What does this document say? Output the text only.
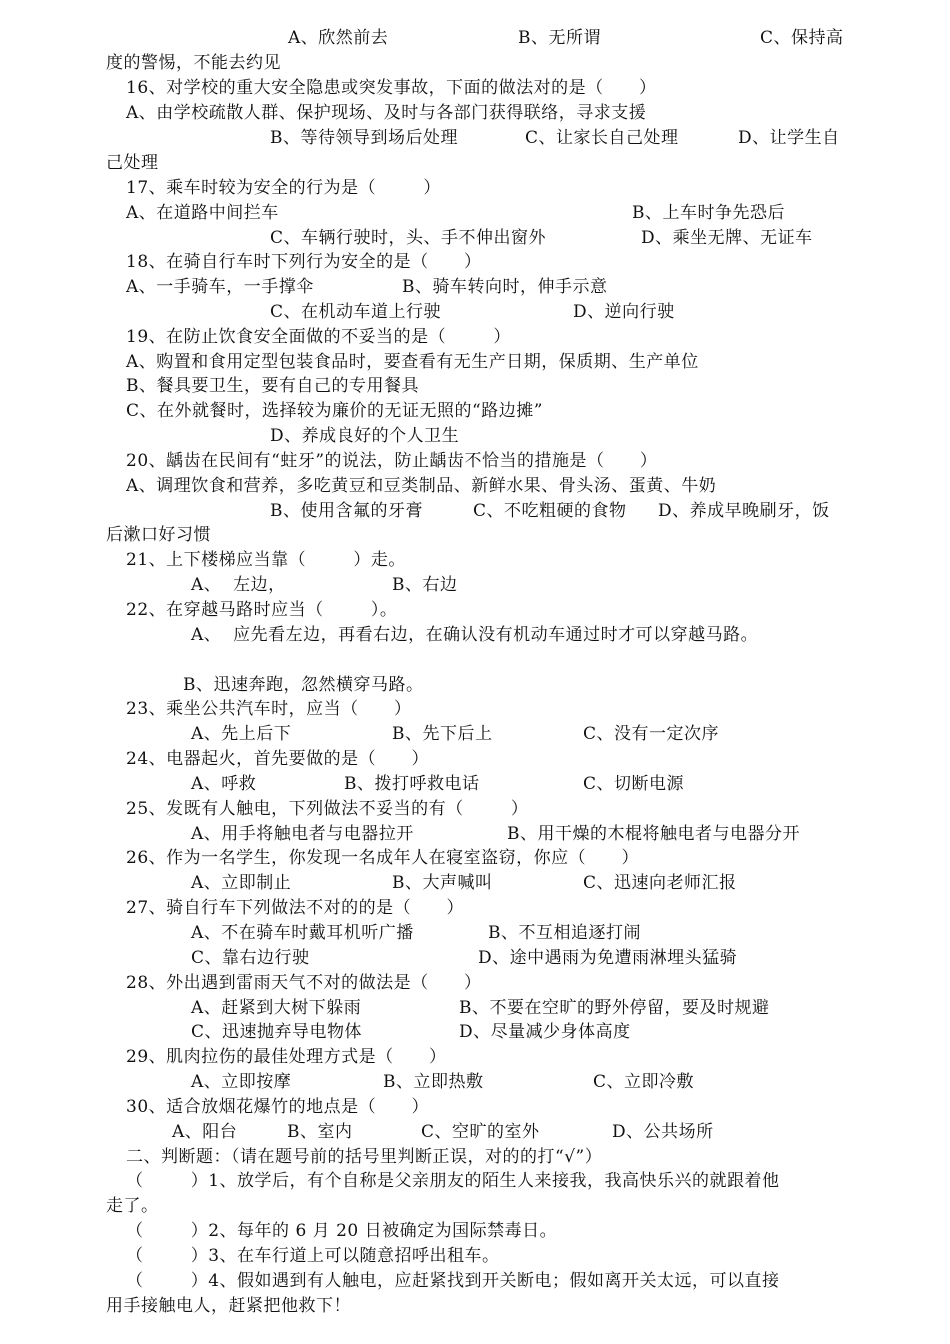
A、欣然前去	B、无所谓	C、保持高
度的警惕，不能去约见
16、对学校的重大安全隐患或突发事故，下面的做法对的是（      ）
A、由学校疏散人群、保护现场、及时与各部门获得联络，寻求支援
B、等待领导到场后处理	C、让家长自己处理	D、让学生自
己处理
17、乘车时较为安全的行为是（        ）
A、在道路中间拦车	B、上车时争先恐后
C、车辆行驶时，头、手不伸出窗外	D、乘坐无牌、无证车
18、在骑自行车时下列行为安全的是（      ）
A、一手骑车，一手撑伞	B、骑车转向时，伸手示意
C、在机动车道上行驶	D、逆向行驶
19、在防止饮食安全面做的不妥当的是（        ）
A、购置和食用定型包装食品时，要查看有无生产日期，保质期、生产单位
B、餐具要卫生，要有自己的专用餐具
C、在外就餐时，选择较为廉价的无证无照的“路边摊”
D、养成良好的个人卫生
20、龋齿在民间有“蛀牙”的说法，防止龋齿不恰当的措施是（      ）
A、调理饮食和营养，多吃黄豆和豆类制品、新鲜水果、骨头汤、蛋黄、牛奶
B、使用含氟的牙膏	C、不吃粗硬的食物 D、养成早晚刷牙，饭
后漱口好习惯
21、上下楼梯应当靠（        ）走。
A、  左边，	B、右边
22、在穿越马路时应当（        ）。
A、  应先看左边，再看右边，在确认没有机动车通过时才可以穿越马路。
B、迅速奔跑，忽然横穿马路。
23、乘坐公共汽车时，应当（      ）
A、先上后下	B、先下后上	C、没有一定次序
24、电器起火，首先要做的是（      ）
A、呼救	B、拨打呼救电话	C、切断电源
25、发既有人触电，下列做法不妥当的有（        ）
A、用手将触电者与电器拉开	B、用干燥的木棍将触电者与电器分开
26、作为一名学生，你发现一名成年人在寝室盗窃，你应（      ）
A、立即制止	B、大声喊叫	C、迅速向老师汇报
27、骑自行车下列做法不对的的是（      ）
A、不在骑车时戴耳机听广播	B、不互相追逐打闹
C、靠右边行驶	D、途中遇雨为免遭雨淋埋头猛骑
28、外出遇到雷雨天气不对的做法是（      ）
A、赶紧到大树下躲雨	B、不要在空旷的野外停留，要及时规避
C、迅速抛弃导电物体	D、尽量减少身体高度
29、肌肉拉伤的最佳处理方式是（      ）
A、立即按摩	B、立即热敷	C、立即冷敷
30、适合放烟花爆竹的地点是（      ）
A、阳台	B、室内	C、空旷的室外	D、公共场所
二、判断题：（请在题号前的括号里判断正误，对的的打“√”）
（        ）1、放学后，有个自称是父亲朋友的陌生人来接我，我高快乐兴的就跟着他
走了。
（        ）2、每年的 6 月 20 日被确定为国际禁毒日。
（        ）3、在车行道上可以随意招呼出租车。
（        ）4、假如遇到有人触电，应赶紧找到开关断电；假如离开关太远，可以直接
用手接触电人，赶紧把他救下！
